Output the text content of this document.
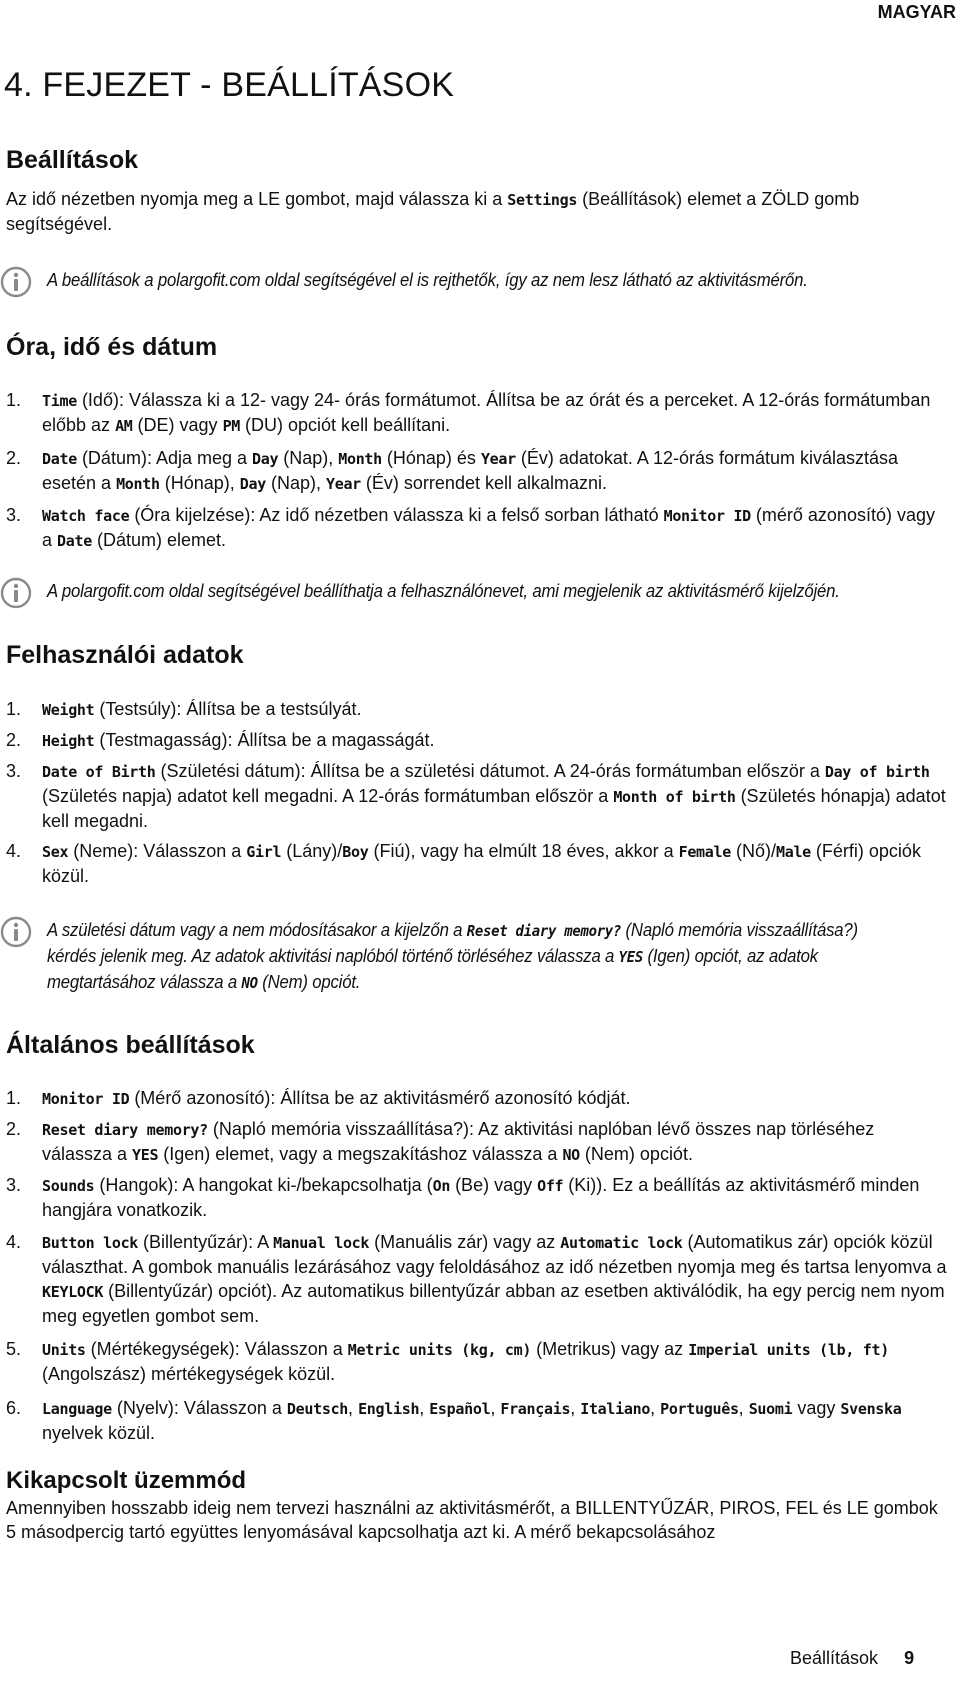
MAGYAR
4. FEJEZET - BEÁLLÍTÁSOK
Beállítások
Az idő nézetben nyomja meg a LE gombot, majd válassza ki a Settings (Beállítások) elemet a ZÖLD gomb segítségével.
A beállítások a polargofit.com oldal segítségével el is rejthetők, így az nem lesz látható az aktivitásmérőn.
Óra, idő és dátum
1. Time (Idő): Válassza ki a 12- vagy 24- órás formátumot. Állítsa be az órát és a perceket. A 12-órás formátumban előbb az AM (DE) vagy PM (DU) opciót kell beállítani.
2. Date (Dátum): Adja meg a Day (Nap), Month (Hónap) és Year (Év) adatokat. A 12-órás formátum kiválasztása esetén a Month (Hónap), Day (Nap), Year (Év) sorrendet kell alkalmazni.
3. Watch face (Óra kijelzése): Az idő nézetben válassza ki a felső sorban látható Monitor ID (mérő azonosító) vagy a Date (Dátum) elemet.
A polargofit.com oldal segítségével beállíthatja a felhasználónevet, ami megjelenik az aktivitásmérő kijelzőjén.
Felhasználói adatok
1. Weight (Testsúly): Állítsa be a testsúlyát.
2. Height (Testmagasság): Állítsa be a magasságát.
3. Date of Birth (Születési dátum): Állítsa be a születési dátumot. A 24-órás formátumban először a Day of birth (Születés napja) adatot kell megadni. A 12-órás formátumban először a Month of birth (Születés hónapja) adatot kell megadni.
4. Sex (Neme): Válasszon a Girl (Lány)/Boy (Fiú), vagy ha elmúlt 18 éves, akkor a Female (Nő)/Male (Férfi) opciók közül.
A születési dátum vagy a nem módosításakor a kijelzőn a Reset diary memory? (Napló memória visszaállítása?) kérdés jelenik meg. Az adatok aktivitási naplóból történő törléséhez válassza a YES (Igen) opciót, az adatok megtartásához válassza a NO (Nem) opciót.
Általános beállítások
1. Monitor ID (Mérő azonosító): Állítsa be az aktivitásmérő azonosító kódját.
2. Reset diary memory? (Napló memória visszaállítása?): Az aktivitási naplóban lévő összes nap törléséhez válassza a YES (Igen) elemet, vagy a megszakításhoz válassza a NO (Nem) opciót.
3. Sounds (Hangok): A hangokat ki-/bekapcsolhatja (On (Be) vagy Off (Ki)). Ez a beállítás az aktivitásmérő minden hangjára vonatkozik.
4. Button lock (Billentyűzár): A Manual lock (Manuális zár) vagy az Automatic lock (Automatikus zár) opciók közül választhat. A gombok manuális lezárásához vagy feloldásához az idő nézetben nyomja meg és tartsa lenyomva a KEYLOCK (Billentyűzár) opciót). Az automatikus billentyűzár abban az esetben aktiválódik, ha egy percig nem nyom meg egyetlen gombot sem.
5. Units (Mértékegységek): Válasszon a Metric units (kg, cm) (Metrikus) vagy az Imperial units (lb, ft) (Angolszász) mértékegységek közül.
6. Language (Nyelv): Válasszon a Deutsch, English, Español, Français, Italiano, Português, Suomi vagy Svenska nyelvek közül.
Kikapcsolt üzemmód
Amennyiben hosszabb ideig nem tervezi használni az aktivitásmérőt, a BILLENTYŰZÁR, PIROS, FEL és LE gombok 5 másodpercig tartó együttes lenyomásával kapcsolhatja azt ki. A mérő bekapcsolásához
Beállítások 9
